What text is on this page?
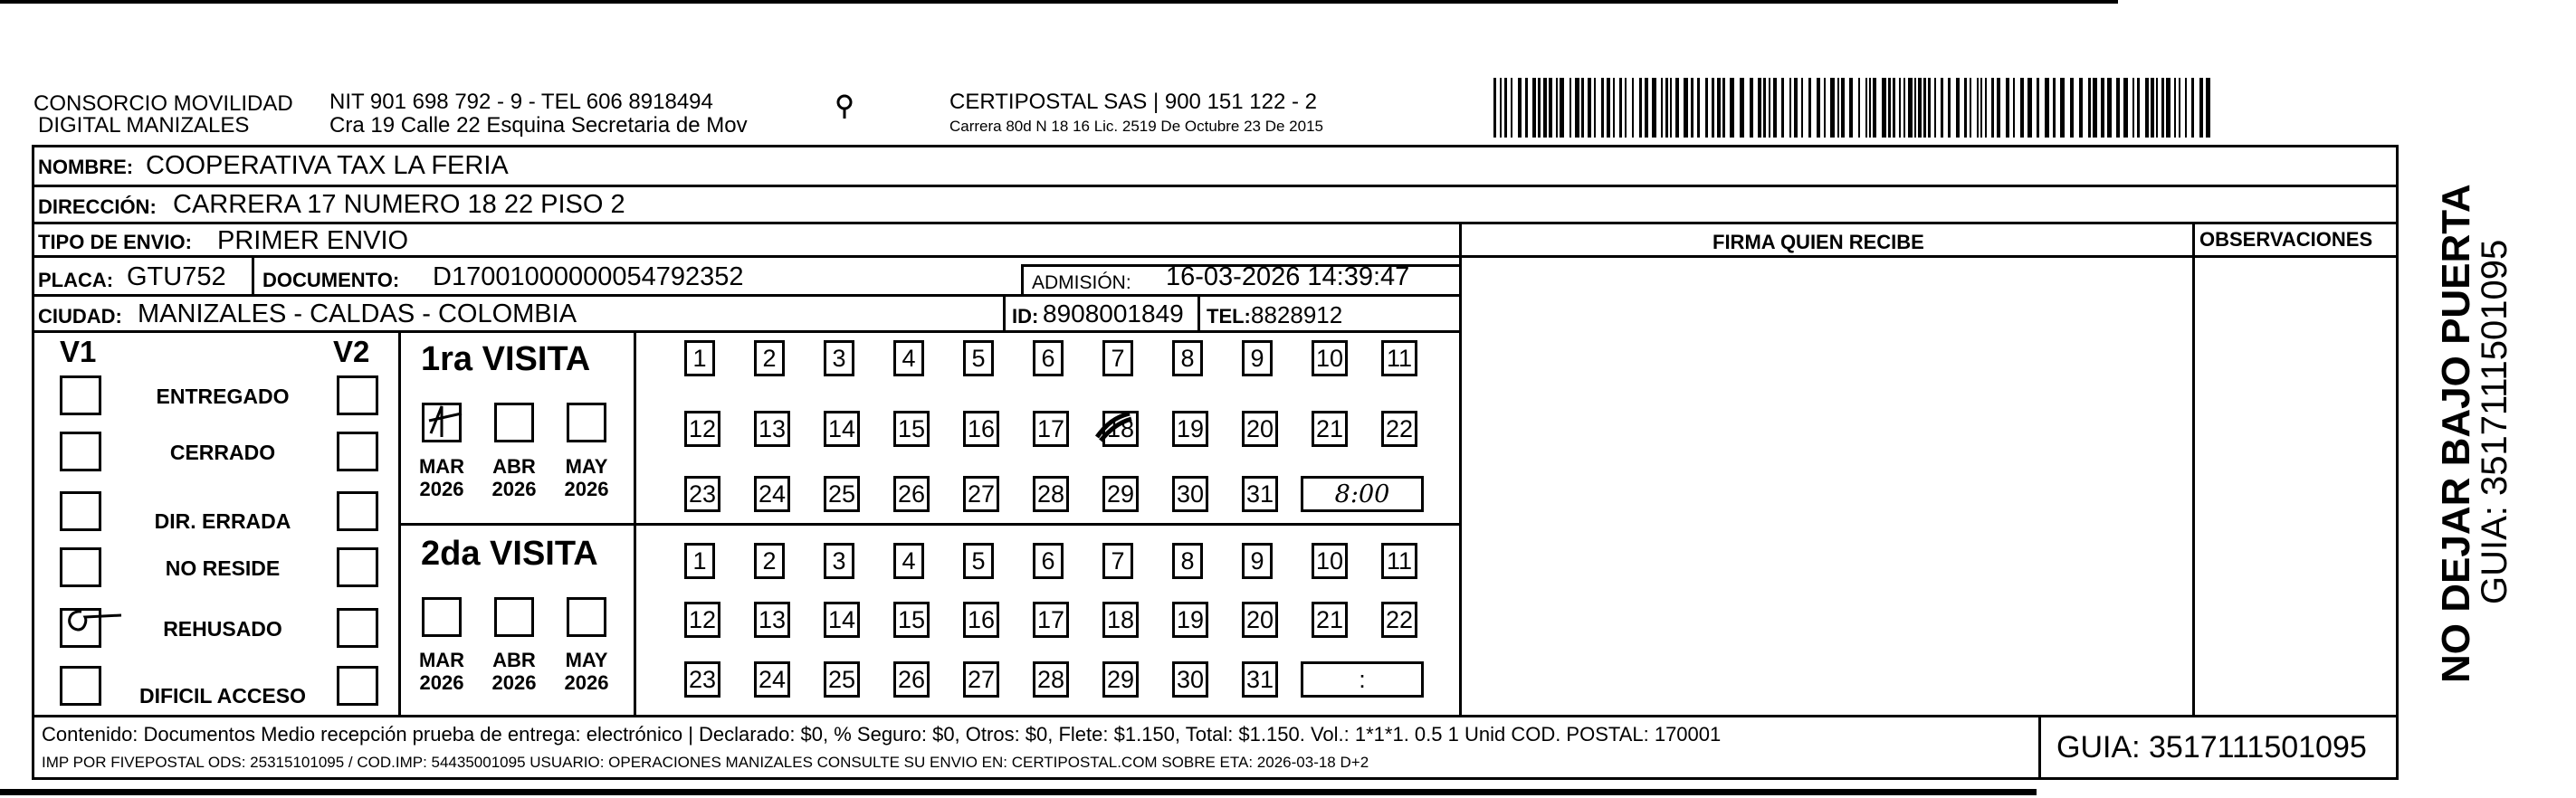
CONSORCIO MOVILIDAD
DIGITAL MANIZALES
NIT 901 698 792 - 9 - TEL 606 8918494
Cra 19 Calle 22 Esquina Secretaria de Mov
CERTIPOSTAL SAS | 900 151 122 - 2
Carrera 80d N 18 16 Lic. 2519 De Octubre 23 De 2015
NOMBRE: COOPERATIVA TAX LA FERIA
DIRECCIÓN: CARRERA 17 NUMERO 18 22 PISO 2
TIPO DE ENVIO: PRIMER ENVIO	FIRMA QUIEN RECIBE	OBSERVACIONES
PLACA: GTU752 DOCUMENTO: D17001000000054792352	ADMISIÓN: 16-03-2026 14:39:47
CIUDAD: MANIZALES - CALDAS - COLOMBIA	ID: 8908001849 TEL: 8828912
V1	V2 1ra VISITA
2da VISITA
ENTREGADO
CERRADO
DIR. ERRADA
NO RESIDE
REHUSADO
DIFICIL ACCESO
MAR
2026
ABR
2026
MAY
2026
MAR
2026
ABR
2026
MAY
2026
1	2	3	4	5	6	7	8	9	10 11
12 13 14 15 16 17 18 19 20 21 22
23 24 25 26 27 28 29 30 31	8:00
1	2	3	4	5	6	7	8	9	10 11
12 13 14 15 16 17 18 19 20 21 22
23 24 25 26 27 28 29 30 31	:
Contenido: Documentos Medio recepción prueba de entrega: electrónico | Declarado: $0, % Seguro: $0, Otros: $0, Flete: $1.150, Total: $1.150. Vol.: 1*1*1. 0.5 1 Unid COD. POSTAL: 170001
IMP POR FIVEPOSTAL ODS: 25315101095 / COD.IMP: 54435001095 USUARIO: OPERACIONES MANIZALES CONSULTE SU ENVIO EN: CERTIPOSTAL.COM SOBRE ETA: 2026-03-18 D+2	GUIA: 3517111501095
NO DEJAR BAJO PUERTA
GUIA: 3517111501095
